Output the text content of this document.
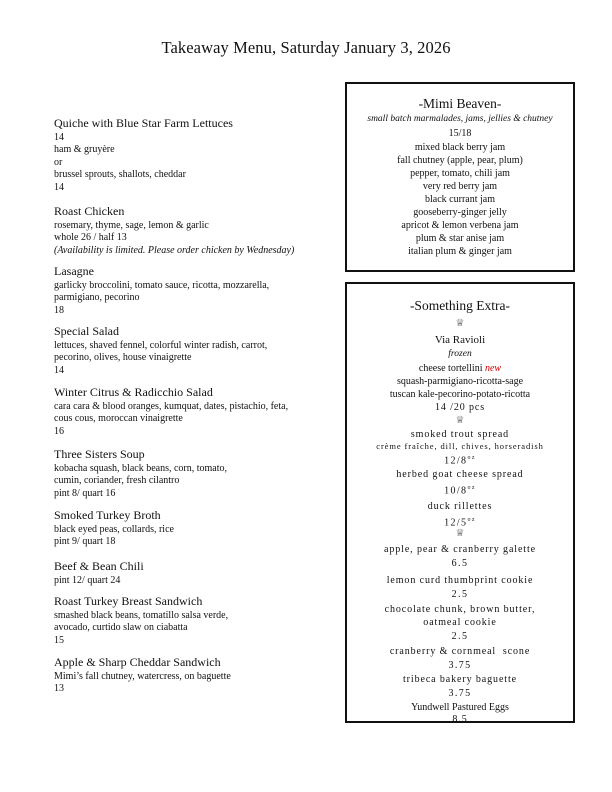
Takeaway Menu, Saturday January 3, 2026
Quiche with Blue Star Farm Lettuces
14
ham & gruyère
or
brussel sprouts, shallots, cheddar
14
Roast Chicken
rosemary, thyme, sage, lemon & garlic
whole 26 / half 13
(Availability is limited. Please order chicken by Wednesday)
Lasagne
garlicky broccolini, tomato sauce, ricotta, mozzarella,
parmigiano, pecorino
18
Special Salad
lettuces, shaved fennel, colorful winter radish, carrot,
pecorino, olives, house vinaigrette
14
Winter Citrus & Radicchio Salad
cara cara & blood oranges, kumquat, dates, pistachio, feta,
cous cous, moroccan vinaigrette
16
Three Sisters Soup
kobacha squash, black beans, corn, tomato,
cumin, coriander, fresh cilantro
pint 8/ quart 16
Smoked Turkey Broth
black eyed peas, collards, rice
pint 9/ quart 18
Beef & Bean Chili
pint 12/ quart 24
Roast Turkey Breast Sandwich
smashed black beans, tomatillo salsa verde,
avocado, curtido slaw on ciabatta
15
Apple & Sharp Cheddar Sandwich
Mimi’s fall chutney, watercress, on baguette
13
-Mimi Beaven-
small batch marmalades, jams, jellies & chutney
15/18
mixed black berry jam
fall chutney (apple, pear, plum)
pepper, tomato, chili jam
very red berry jam
black currant jam
gooseberry-ginger jelly
apricot & lemon verbena jam
plum & star anise jam
italian plum & ginger jam
-Something Extra-
♕
Via Ravioli
frozen
cheese tortellini new
squash-parmigiano-ricotta-sage
tuscan kale-pecorino-potato-ricotta
14 /20 pcs
♕
smoked trout spread
crème fraîche, dill, chives, horseradish
$12/8^{oz}$
herbed goat cheese spread
$10/8^{oz}$
duck rillettes
$12/5^{oz}$
♕
apple, pear & cranberry galette
6.5
lemon curd thumbprint cookie
2.5
chocolate chunk, brown butter,
oatmeal cookie
2.5
cranberry & cornmeal  scone
3.75
tribeca bakery baguette
3.75
Yundwell Pastured Eggs
8.5
